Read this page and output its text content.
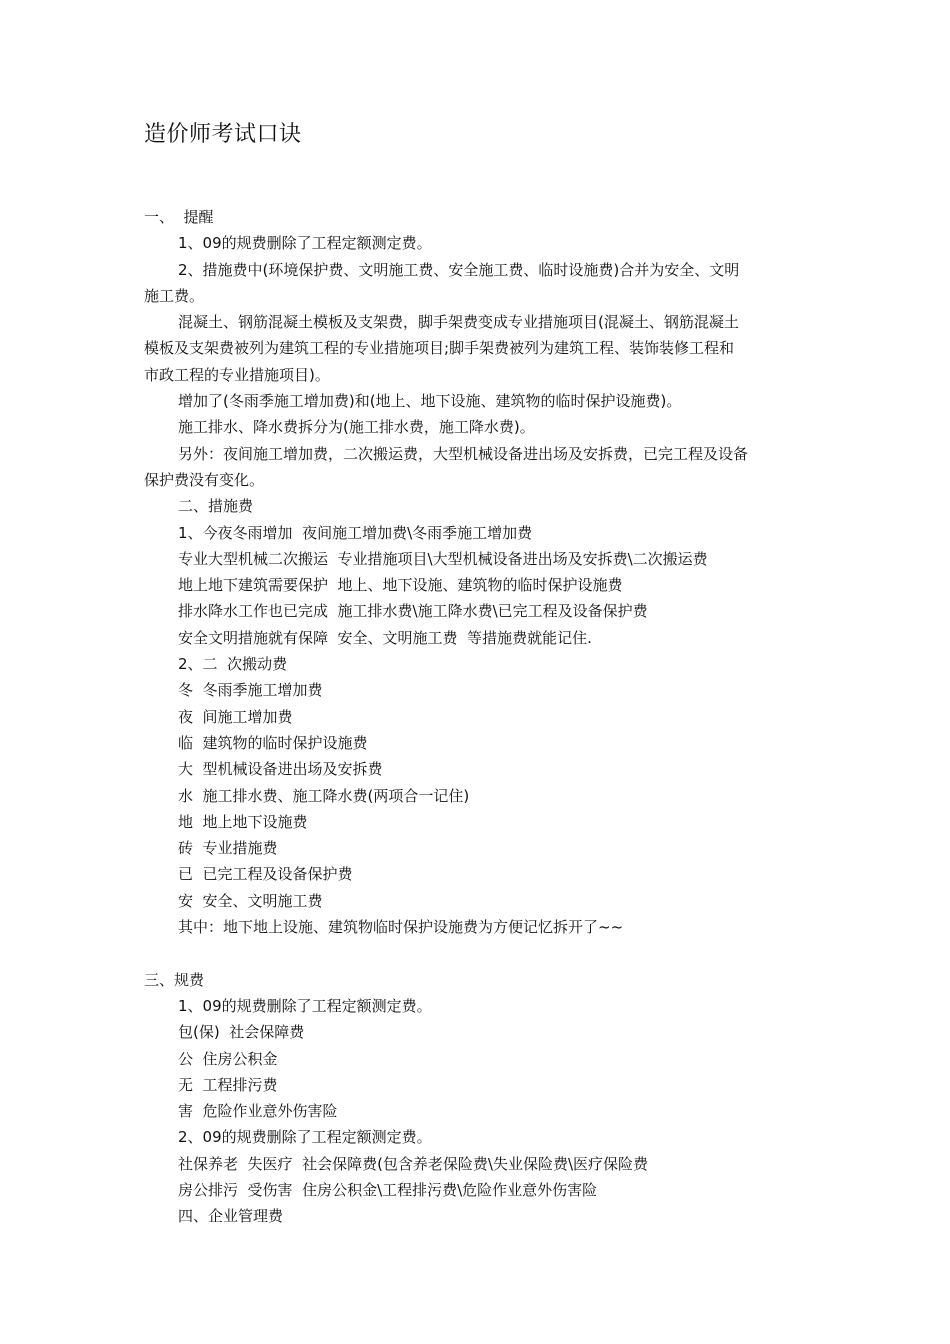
造价师考试口诀
一、  提醒
1、09的规费删除了工程定额测定费。
2、措施费中(环境保护费、文明施工费、安全施工费、临时设施费)合并为安全、文明
施工费。
混凝土、钢筋混凝土模板及支架费，脚手架费变成专业措施项目(混凝土、钢筋混凝土
模板及支架费被列为建筑工程的专业措施项目;脚手架费被列为建筑工程、装饰装修工程和
市政工程的专业措施项目)。
增加了(冬雨季施工增加费)和(地上、地下设施、建筑物的临时保护设施费)。
施工排水、降水费拆分为(施工排水费，施工降水费)。
另外：夜间施工增加费，二次搬运费，大型机械设备进出场及安拆费，已完工程及设备
保护费没有变化。
二、措施费
1、今夜冬雨增加  夜间施工增加费\冬雨季施工增加费
专业大型机械二次搬运  专业措施项目\大型机械设备进出场及安拆费\二次搬运费
地上地下建筑需要保护  地上、地下设施、建筑物的临时保护设施费
排水降水工作也已完成  施工排水费\施工降水费\已完工程及设备保护费
安全文明措施就有保障  安全、文明施工费  等措施费就能记住.
2、二  次搬动费
冬  冬雨季施工增加费
夜  间施工增加费
临  建筑物的临时保护设施费
大  型机械设备进出场及安拆费
水  施工排水费、施工降水费(两项合一记住)
地  地上地下设施费
砖  专业措施费
已  已完工程及设备保护费
安  安全、文明施工费
其中：地下地上设施、建筑物临时保护设施费为方便记忆拆开了~~
三、规费
1、09的规费删除了工程定额测定费。
包(保)  社会保障费
公  住房公积金
无  工程排污费
害  危险作业意外伤害险
2、09的规费删除了工程定额测定费。
社保养老  失医疗  社会保障费(包含养老保险费\失业保险费\医疗保险费
房公排污  受伤害  住房公积金\工程排污费\危险作业意外伤害险
四、企业管理费
